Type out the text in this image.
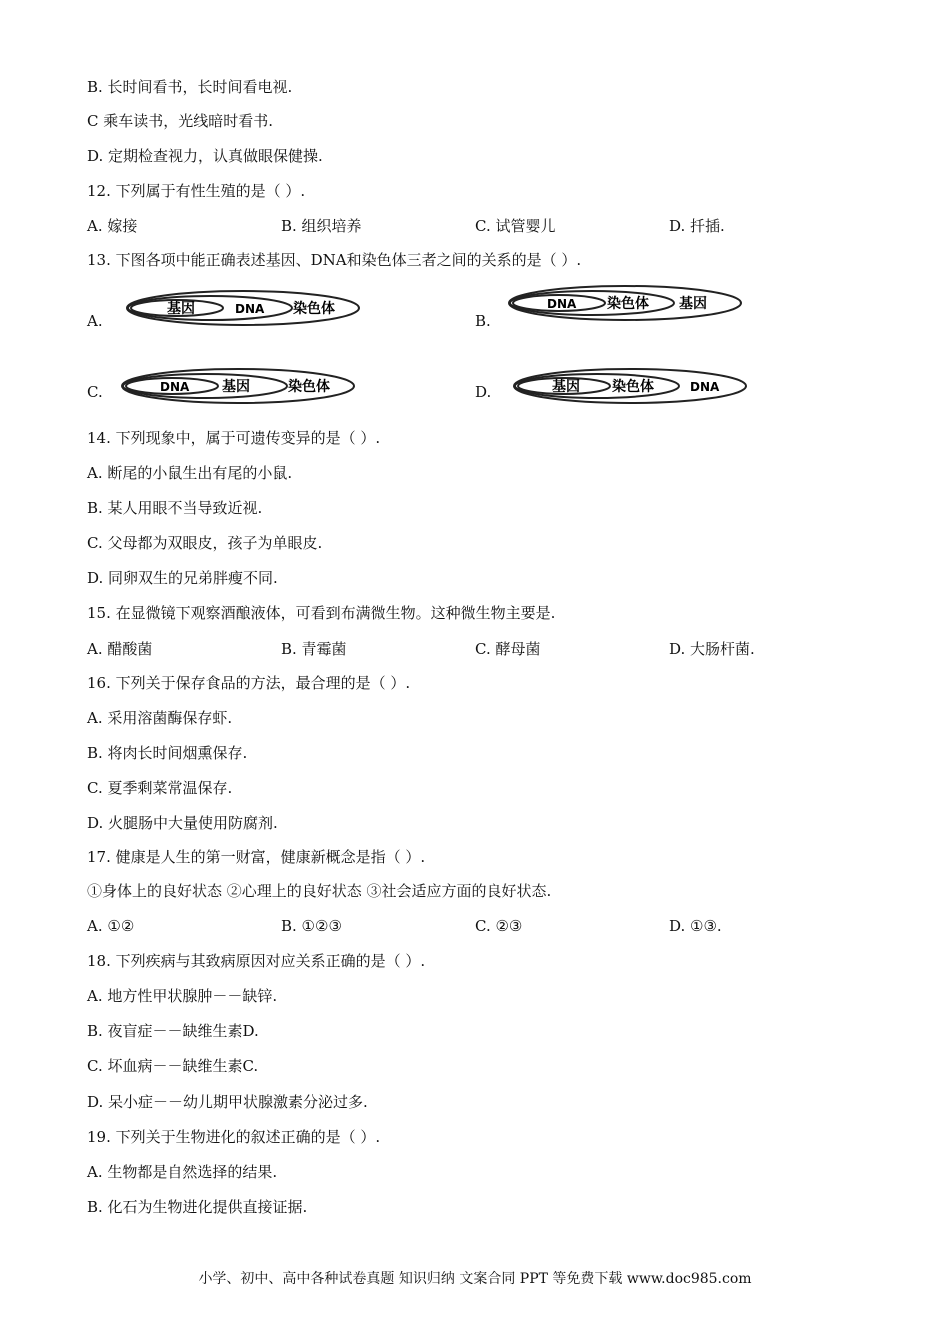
B. 长时间看书，长时间看电视.
C 乘车读书，光线暗时看书.
D. 定期检查视力，认真做眼保健操.
12. 下列属于有性生殖的是（ ）.
A. 嫁接	B. 组织培养	C. 试管婴儿	D. 扦插.
13. 下图各项中能正确表述基因、DNA和染色体三者之间的关系的是（ ）.
A.
基因	DNA 染色体
B.
DNA 染色体 基因
C.	DNA 基因	染色体	D.	基因 染色体	DNA
14. 下列现象中，属于可遗传变异的是（ ）.
A. 断尾的小鼠生出有尾的小鼠.
B. 某人用眼不当导致近视.
C. 父母都为双眼皮，孩子为单眼皮.
D. 同卵双生的兄弟胖瘦不同.
15. 在显微镜下观察酒酿液体，可看到布满微生物。这种微生物主要是.
A. 醋酸菌	B. 青霉菌	C. 酵母菌	D. 大肠杆菌.
16. 下列关于保存食品的方法，最合理的是（ ）.
A. 采用溶菌酶保存虾.
B. 将肉长时间烟熏保存.
C. 夏季剩菜常温保存.
D. 火腿肠中大量使用防腐剂.
17. 健康是人生的第一财富，健康新概念是指（ ）.
①身体上的良好状态 ②心理上的良好状态 ③社会适应方面的良好状态.
A. ①②	B. ①②③	C. ②③	D. ①③.
18. 下列疾病与其致病原因对应关系正确的是（ ）.
A. 地方性甲状腺肿－－缺锌.
B. 夜盲症－－缺维生素D.
C. 坏血病－－缺维生素C.
D. 呆小症－－幼儿期甲状腺激素分泌过多.
19. 下列关于生物进化的叙述正确的是（ ）.
A. 生物都是自然选择的结果.
B. 化石为生物进化提供直接证据.
小学、初中、高中各种试卷真题 知识归纳 文案合同 PPT 等免费下载 www.doc985.com
